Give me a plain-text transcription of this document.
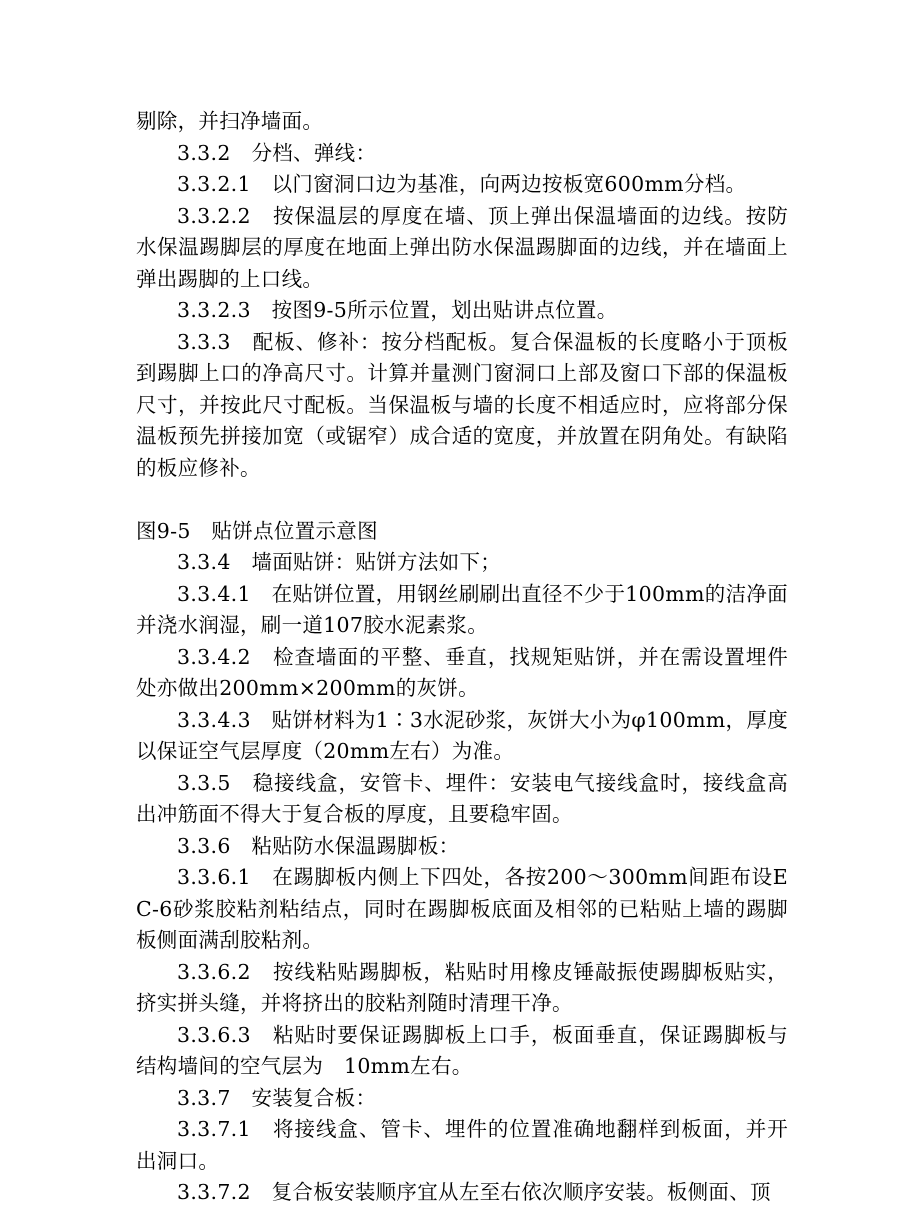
剔除，并扫净墙面。

3.3.2　分档、弹线：

3.3.2.1　以门窗洞口边为基准，向两边按板宽600mm分档。

3.3.2.2　按保温层的厚度在墙、顶上弹出保温墙面的边线。按防水保温踢脚层的厚度在地面上弹出防水保温踢脚面的边线，并在墙面上弹出踢脚的上口线。

3.3.2.3　按图9-5所示位置，划出贴讲点位置。

3.3.3　配板、修补：按分档配板。复合保温板的长度略小于顶板到踢脚上口的净高尺寸。计算并量测门窗洞口上部及窗口下部的保温板尺寸，并按此尺寸配板。当保温板与墙的长度不相适应时，应将部分保温板预先拼接加宽（或锯窄）成合适的宽度，并放置在阴角处。有缺陷的板应修补。

图9-5　贴饼点位置示意图

3.3.4　墙面贴饼：贴饼方法如下；

3.3.4.1　在贴饼位置，用钢丝刷刷出直径不少于100mm的洁净面并浇水润湿，刷一道107胶水泥素浆。

3.3.4.2　检查墙面的平整、垂直，找规矩贴饼，并在需设置埋件处亦做出200mm×200mm的灰饼。

3.3.4.3　贴饼材料为1∶3水泥砂浆，灰饼大小为φ100mm，厚度以保证空气层厚度（20mm左右）为准。

3.3.5　稳接线盒，安管卡、埋件：安装电气接线盒时，接线盒高出冲筋面不得大于复合板的厚度，且要稳牢固。

3.3.6　粘贴防水保温踢脚板：

3.3.6.1　在踢脚板内侧上下四处，各按200～300mm间距布设EC-6砂浆胶粘剂粘结点，同时在踢脚板底面及相邻的已粘贴上墙的踢脚板侧面满刮胶粘剂。

3.3.6.2　按线粘贴踢脚板，粘贴时用橡皮锤敲振使踢脚板贴实，挤实拼头缝，并将挤出的胶粘剂随时清理干净。

3.3.6.3　粘贴时要保证踢脚板上口手，板面垂直，保证踢脚板与结构墙间的空气层为　10mm左右。

3.3.7　安装复合板：

3.3.7.1　将接线盒、管卡、埋件的位置准确地翻样到板面，并开出洞口。

3.3.7.2　复合板安装顺序宜从左至右依次顺序安装。板侧面、顶
